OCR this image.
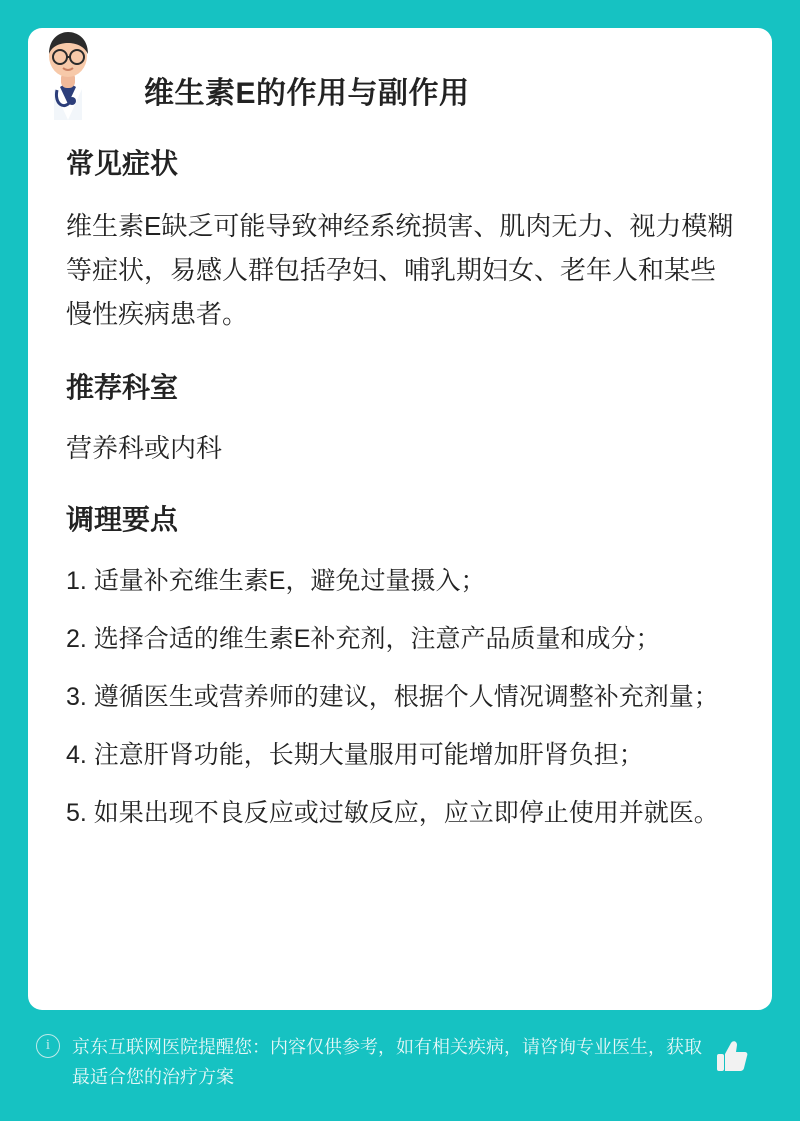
维生素E的作用与副作用
常见症状

维生素E缺乏可能导致神经系统损害、肌肉无力、视力模糊等症状，易感人群包括孕妇、哺乳期妇女、老年人和某些慢性疾病患者。

推荐科室

营养科或内科

调理要点
1. 适量补充维生素E，避免过量摄入；
2. 选择合适的维生素E补充剂，注意产品质量和成分；
3. 遵循医生或营养师的建议，根据个人情况调整补充剂量；
4. 注意肝肾功能，长期大量服用可能增加肝肾负担；
5. 如果出现不良反应或过敏反应，应立即停止使用并就医。
i	京东互联网医院提醒您：内容仅供参考，如有相关疾病，请咨询专业医生，获取最适合您的治疗方案
